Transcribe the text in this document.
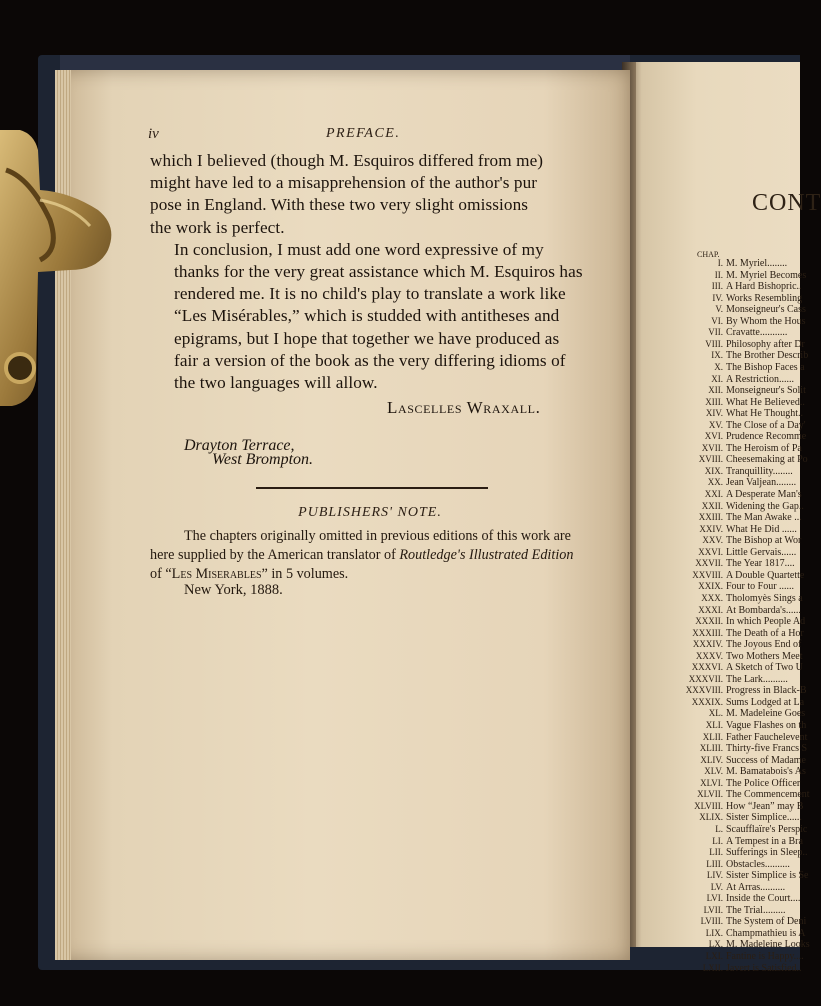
iv	PREFACE.

which I believed (though M. Esquiros differed from me)
might have led to a misapprehension of the author's pur
pose in England. With these two very slight omissions
the work is perfect.

In conclusion, I must add one word expressive of my
thanks for the very great assistance which M. Esquiros has
rendered me. It is no child's play to translate a work like
“Les Misérables,” which is studded with antitheses and
epigrams, but I hope that together we have produced as
fair a version of the book as the very differing idioms of
the two languages will allow.

Lascelles Wraxall.
Drayton Terrace,
West Brompton.
PUBLISHERS' NOTE.

The chapters originally omitted in previous editions of this work are

here supplied by the American translator of Routledge's Illustrated Edition
of “Les Miserables” in 5 volumes.
New York, 1888.
CONT
CHAP.
I. M. Myriel........
II. M. Myriel Becomes
III. A Hard Bishopric..
IV. Works Resembling
V. Monseigneur's Cass
VI. By Whom the Hous
VII. Cravatte...........
VIII. Philosophy after Dr
IX. The Brother Describ
X. The Bishop Faces a
XI. A Restriction......
XII. Monseigneur's Solit
XIII. What He Believed..
XIV. What He Thought..
XV. The Close of a Day'
XVI. Prudence Recomme
XVII. The Heroism of Pa
XVIII. Cheesemaking at Po
XIX. Tranquillity........
XX. Jean Valjean........
XXI. A Desperate Man's
XXII. Widening the Gap..
XXIII. The Man Awake ...
XXIV. What He Did ......
XXV. The Bishop at Wor
XXVI. Little Gervais......
XXVII. The Year 1817....
XXVIII. A Double Quartette
XXIX. Four to Four ......
XXX. Tholomyès Sings a
XXXI. At Bombarda's......
XXXII. In which People Ad
XXXIII. The Death of a Hor
XXXIV. The Joyous End of
XXXV. Two Mothers Meet
XXXVI. A Sketch of Two U
XXXVII. The Lark..........
XXXVIII. Progress in Black-B
XXXIX. Sums Lodged at La
XL. M. Madeleine Goes
XLI. Vague Flashes on th
XLII. Father Fauchelevent
XLIII. Thirty-five Francs S
XLIV. Success of Madame
XLV. M. Bamatabois's As
XLVI. The Police Officer
XLVII. The Commencement
XLVIII. How “Jean” may B
XLIX. Sister Simplice......
L. Scaufflaïre's Perspic
LI. A Tempest in a Bra
LII. Sufferings in Sleep..
LIII. Obstacles..........
LIV. Sister Simplice is Se
LV. At Arras..........
LVI. Inside the Court....
LVII. The Trial.........
LVIII. The System of Deni
LIX. Champmathieu is A
LX. M. Madeleine Looks
LXI. Fantine is Happy....
LXII. Javert is Satisfied..
